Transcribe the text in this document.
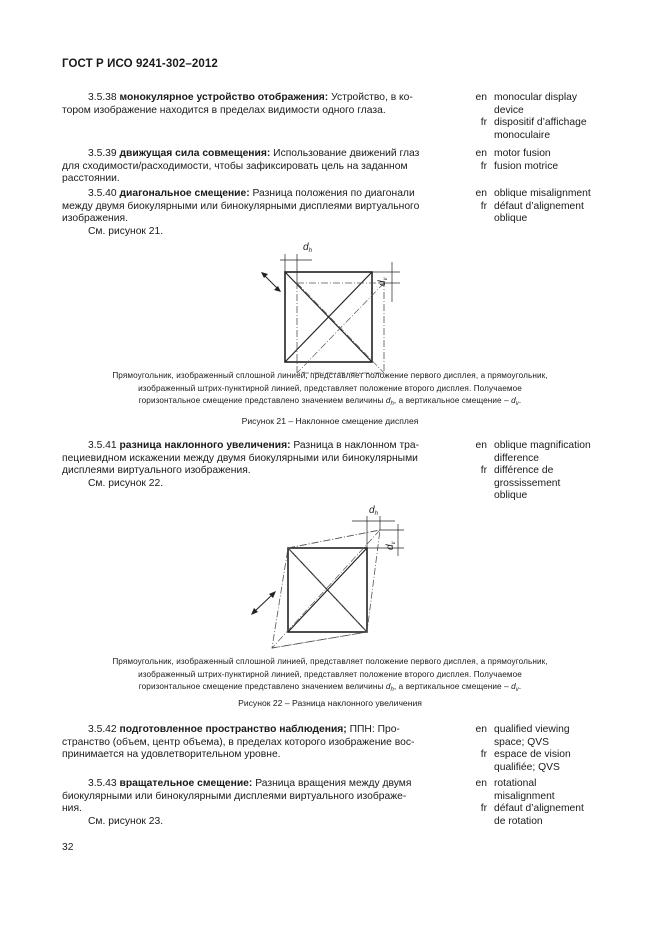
ГОСТ Р ИСО 9241-302–2012
3.5.38 монокулярное устройство отображения: Устройство, в ко-
тором изображение находится в пределах видимости одного глаза.
en monocular display
device
fr dispositif d’affichage
monoculaire
3.5.39 движущая сила совмещения: Использование движений глаз
для сходимости/расходимости, чтобы зафиксировать цель на заданном
расстоянии.
en motor fusion
fr fusion motrice
3.5.40 диагональное смещение: Разница положения по диагонали
между двумя биокулярными или бинокулярными дисплеями виртуального
изображения.
См. рисунок 21.
en oblique misalignment
fr défaut d’alignement
oblique
$d_h$
$d_v$
Прямоугольник, изображенный сплошной линией, представляет положение первого дисплея, а прямоугольник,
изображенный штрих-пунктирной линией, представляет положение второго дисплея. Получаемое
горизонтальное смещение представлено значением величины $d_h$, а вертикальное смещение – $d_v$.
Рисунок 21 – Наклонное смещение дисплея
3.5.41 разница наклонного увеличения: Разница в наклонном тра-
пециевидном искажении между двумя биокулярными или бинокулярными
дисплеями виртуального изображения.
См. рисунок 22.
en oblique magnification
difference
fr différence de
grossissement
oblique
$d_h$
$d_v$
Прямоугольник, изображенный сплошной линией, представляет положение первого дисплея, а прямоугольник,
изображенный штрих-пунктирной линией, представляет положение второго дисплея. Получаемое
горизонтальное смещение представлено значением величины $d_h$, а вертикальное смещение – $d_v$.
Рисунок 22 – Разница наклонного увеличения
3.5.42 подготовленное пространство наблюдения; ППН: Про-
странство (объем, центр объема), в пределах которого изображение вос-
принимается на удовлетворительном уровне.
en qualified viewing
space; QVS
fr espace de vision
qualifiée; QVS
3.5.43 вращательное смещение: Разница вращения между двумя
биокулярными или бинокулярными дисплеями виртуального изображе-
ния.
См. рисунок 23.
en rotational
misalignment
fr défaut d’alignement
de rotation
32
